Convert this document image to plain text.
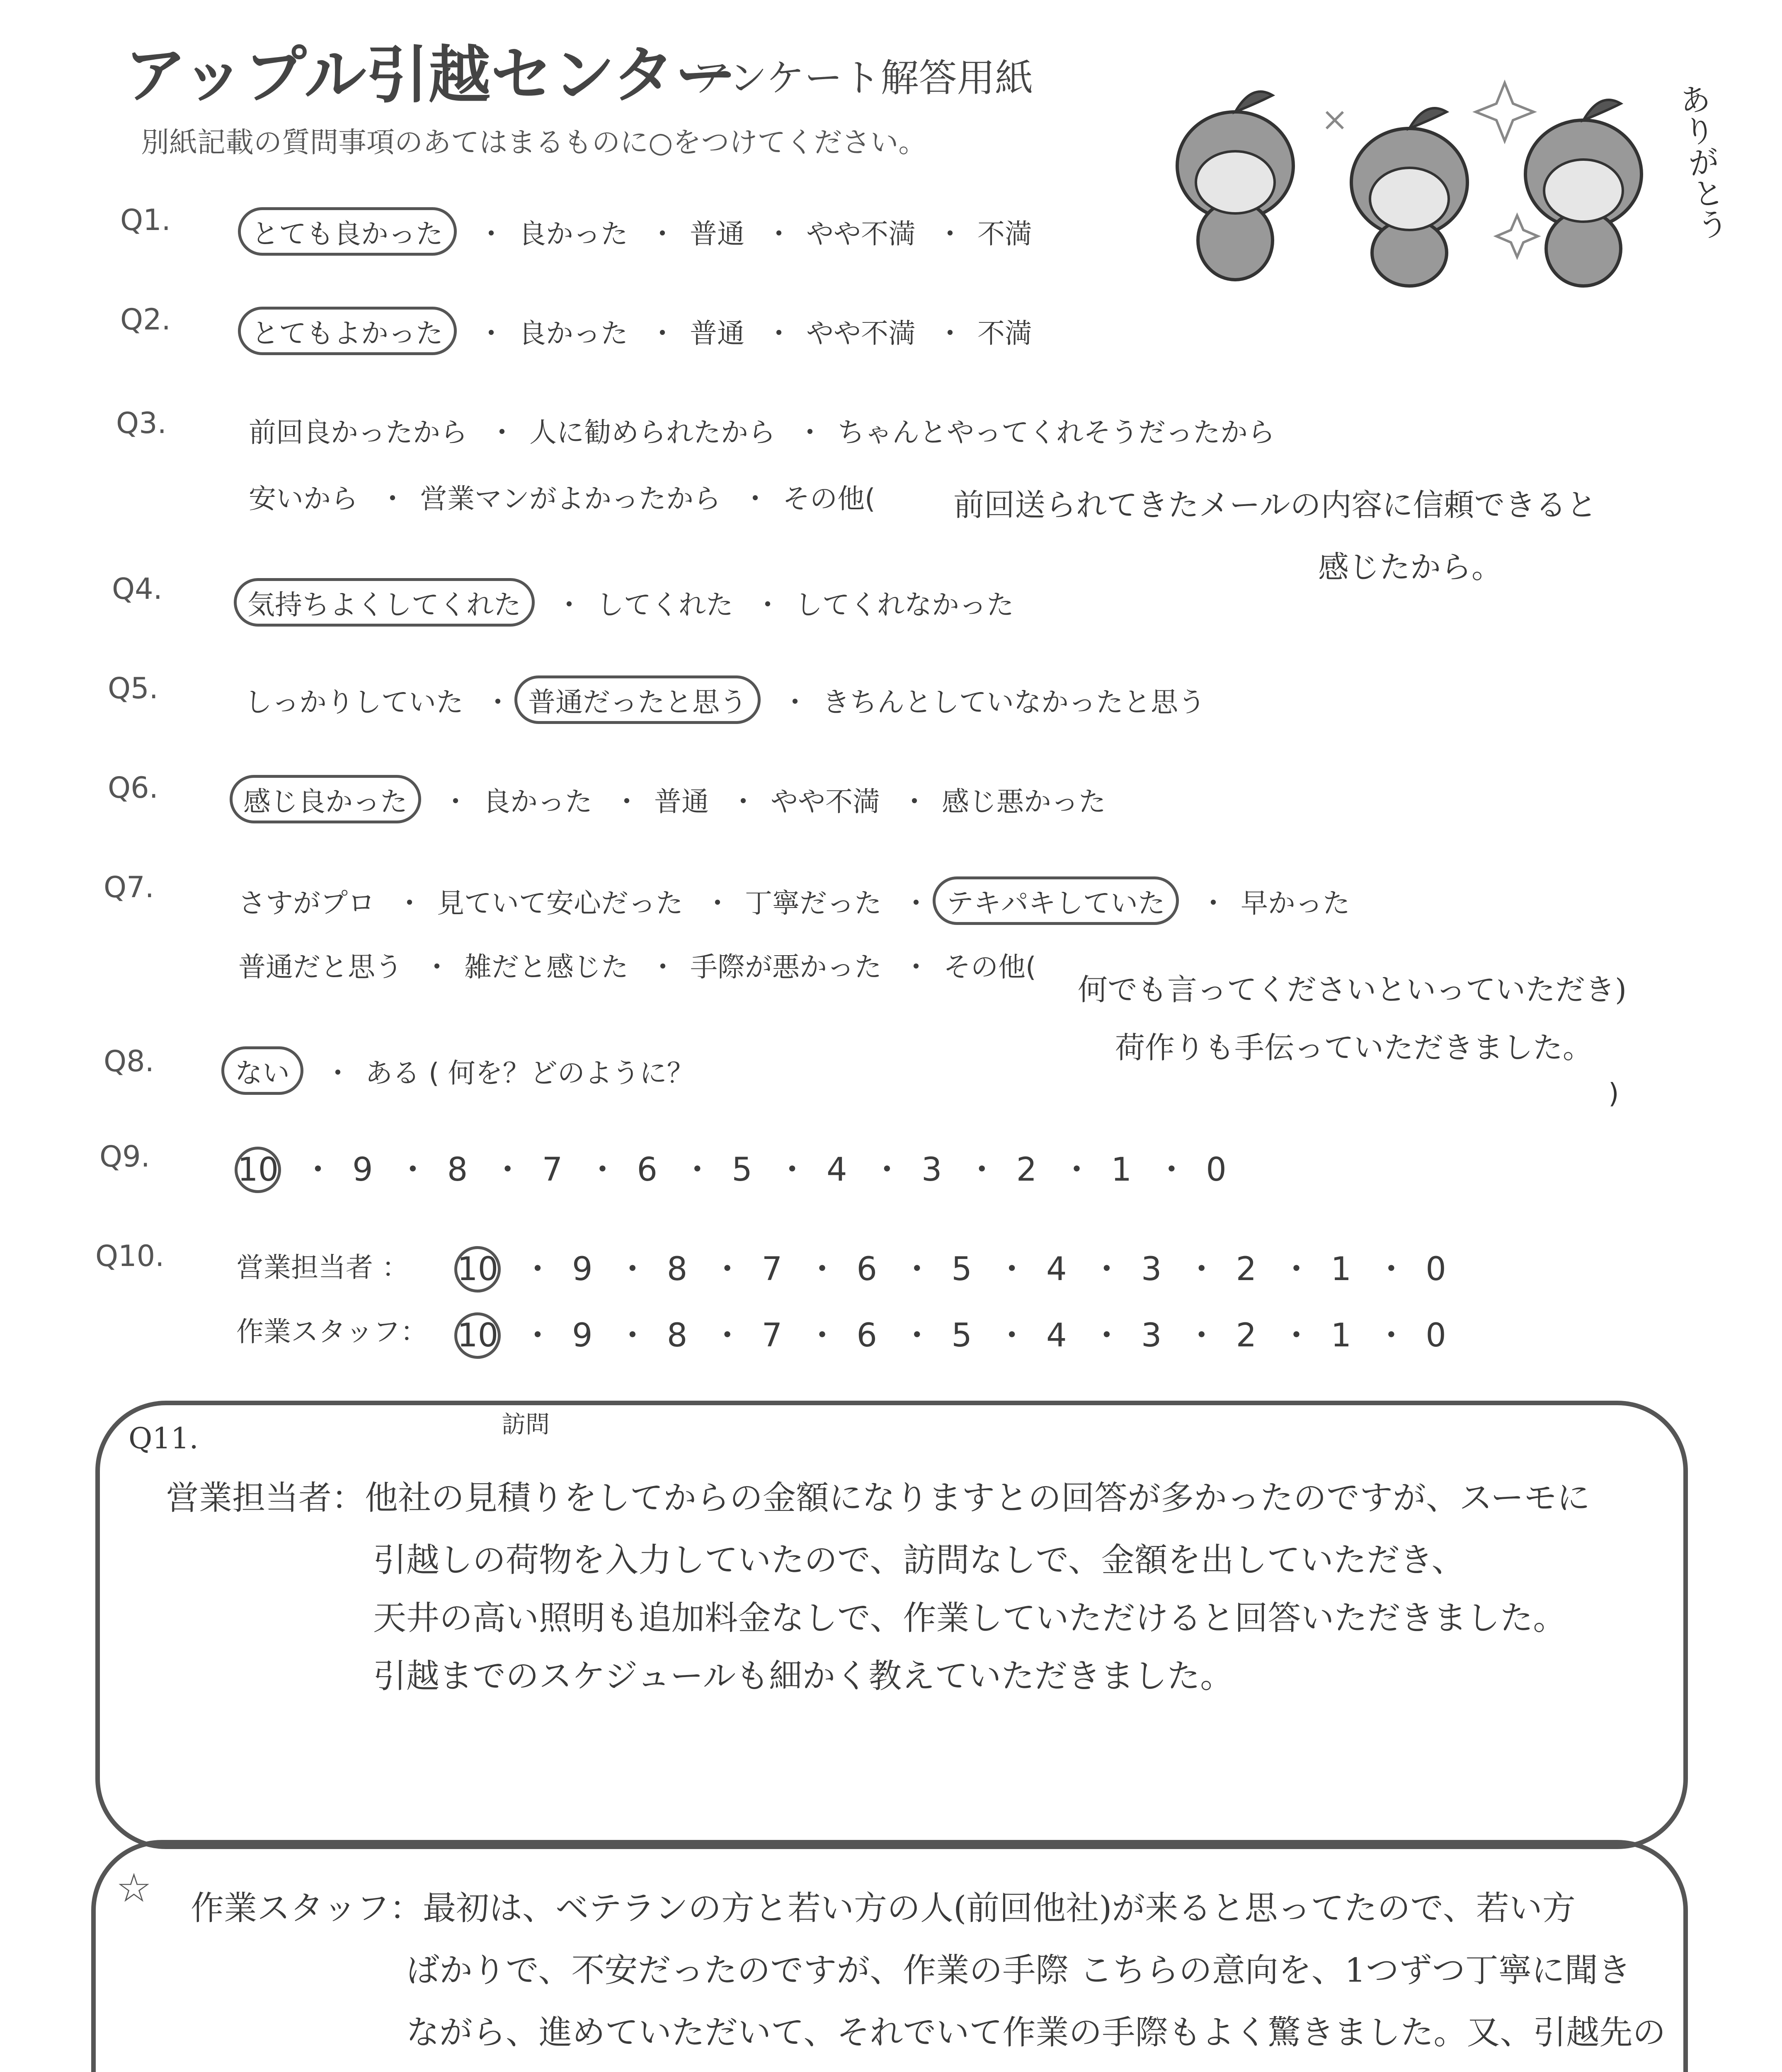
アップル引越センター
アンケート解答用紙
別紙記載の質問事項のあてはまるものに○をつけてください。	ありがとう
Q1.	とても良かった ・ 良かった ・ 普通 ・ やや不満 ・ 不満
Q2.	とてもよかった ・ 良かった ・ 普通 ・ やや不満 ・ 不満
Q3.	前回良かったから ・ 人に勧められたから ・ ちゃんとやってくれそうだったから
安いから ・ 営業マンがよかったから ・ その他(	前回送られてきたメールの内容に信頼できると
感じたから。
Q4.	気持ちよくしてくれた ・ してくれた ・ してくれなかった
Q5.	しっかりしていた ・ 普通だったと思う ・ きちんとしていなかったと思う
Q6.	感じ良かった ・ 良かった ・ 普通 ・ やや不満 ・ 感じ悪かった
Q7.	さすがプロ ・ 見ていて安心だった ・ 丁寧だった ・ テキパキしていた ・ 早かった
普通だと思う ・ 雑だと感じた ・ 手際が悪かった ・ その他(
何でも言ってくださいといっていただき)
荷作りも手伝っていただきました。
Q8.	ない ・ ある ( 何を？どのように？
)
Q9.	10 ・ 9 ・ 8 ・ 7 ・ 6 ・ 5 ・ 4 ・ 3 ・ 2 ・ 1 ・ 0
Q10.	営業担当者 ： 10 ・ 9 ・ 8 ・ 7 ・ 6 ・ 5 ・ 4 ・ 3 ・ 2 ・ 1 ・ 0
作業スタッフ： 10 ・ 9 ・ 8 ・ 7 ・ 6 ・ 5 ・ 4 ・ 3 ・ 2 ・ 1 ・ 0
Q11.	訪問
営業担当者：他社の見積りをしてからの金額になりますとの回答が多かったのですが、スーモに
引越しの荷物を入力していたので、訪問なしで、金額を出していただき、
天井の高い照明も追加料金なしで、作業していただけると回答いただきました。
引越までのスケジュールも細かく教えていただきました。
☆ 作業スタッフ：最初は、ベテランの方と若い方の人(前回他社)が来ると思ってたので、若い方
ばかりで、不安だったのですが、作業の手際 こちらの意向を、1つずつ丁寧に聞き
ながら、進めていただいて、それでいて作業の手際もよく驚きました。又、引越先の
